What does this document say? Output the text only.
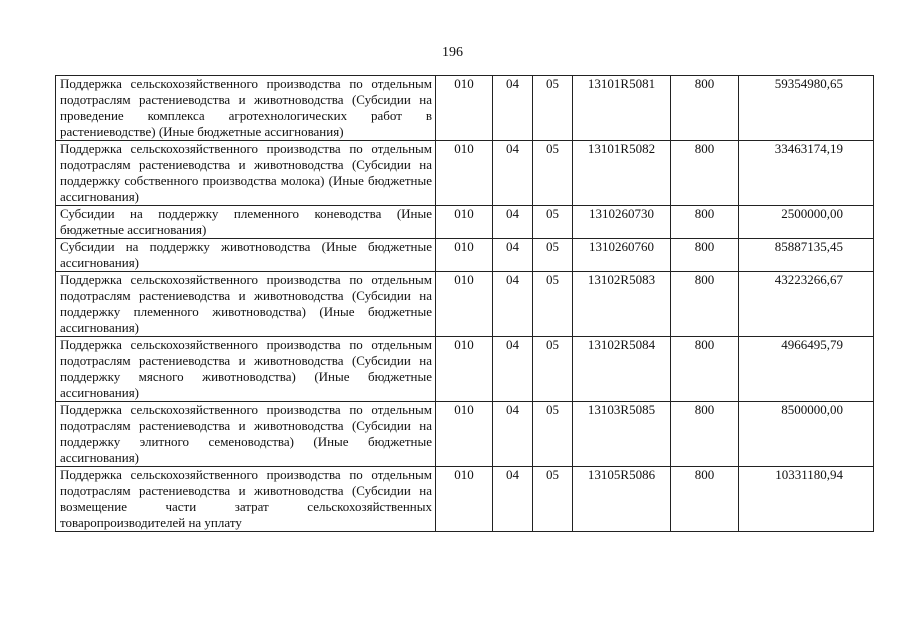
196
Поддержка сельскохозяйственного производства по отдельным подотраслям растениеводства и животноводства (Субсидии на проведение комплекса агротехнологических работ в растениеводстве) (Иные бюджетные ассигнования)	010	04	05	13101R5081	800	59354980,65
Поддержка сельскохозяйственного производства по отдельным подотраслям растениеводства и животноводства (Субсидии на поддержку собственного производства молока) (Иные бюджетные ассигнования)	010	04	05	13101R5082	800	33463174,19
Субсидии на поддержку племенного коневодства (Иные бюджетные ассигнования)	010	04	05	1310260730	800	2500000,00
Субсидии на поддержку животноводства (Иные бюджетные ассигнования)	010	04	05	1310260760	800	85887135,45
Поддержка сельскохозяйственного производства по отдельным подотраслям растениеводства и животноводства (Субсидии на поддержку племенного животноводства) (Иные бюджетные ассигнования)	010	04	05	13102R5083	800	43223266,67
Поддержка сельскохозяйственного производства по отдельным подотраслям растениеводства и животноводства (Субсидии на поддержку мясного животноводства) (Иные бюджетные ассигнования)	010	04	05	13102R5084	800	4966495,79
Поддержка сельскохозяйственного производства по отдельным подотраслям растениеводства и животноводства (Субсидии на поддержку элитного семеноводства) (Иные бюджетные ассигнования)	010	04	05	13103R5085	800	8500000,00
Поддержка сельскохозяйственного производства по отдельным подотраслям растениеводства и животноводства (Субсидии на возмещение части затрат сельскохозяйственных товаропроизводителей на уплату	010	04	05	13105R5086	800	10331180,94
